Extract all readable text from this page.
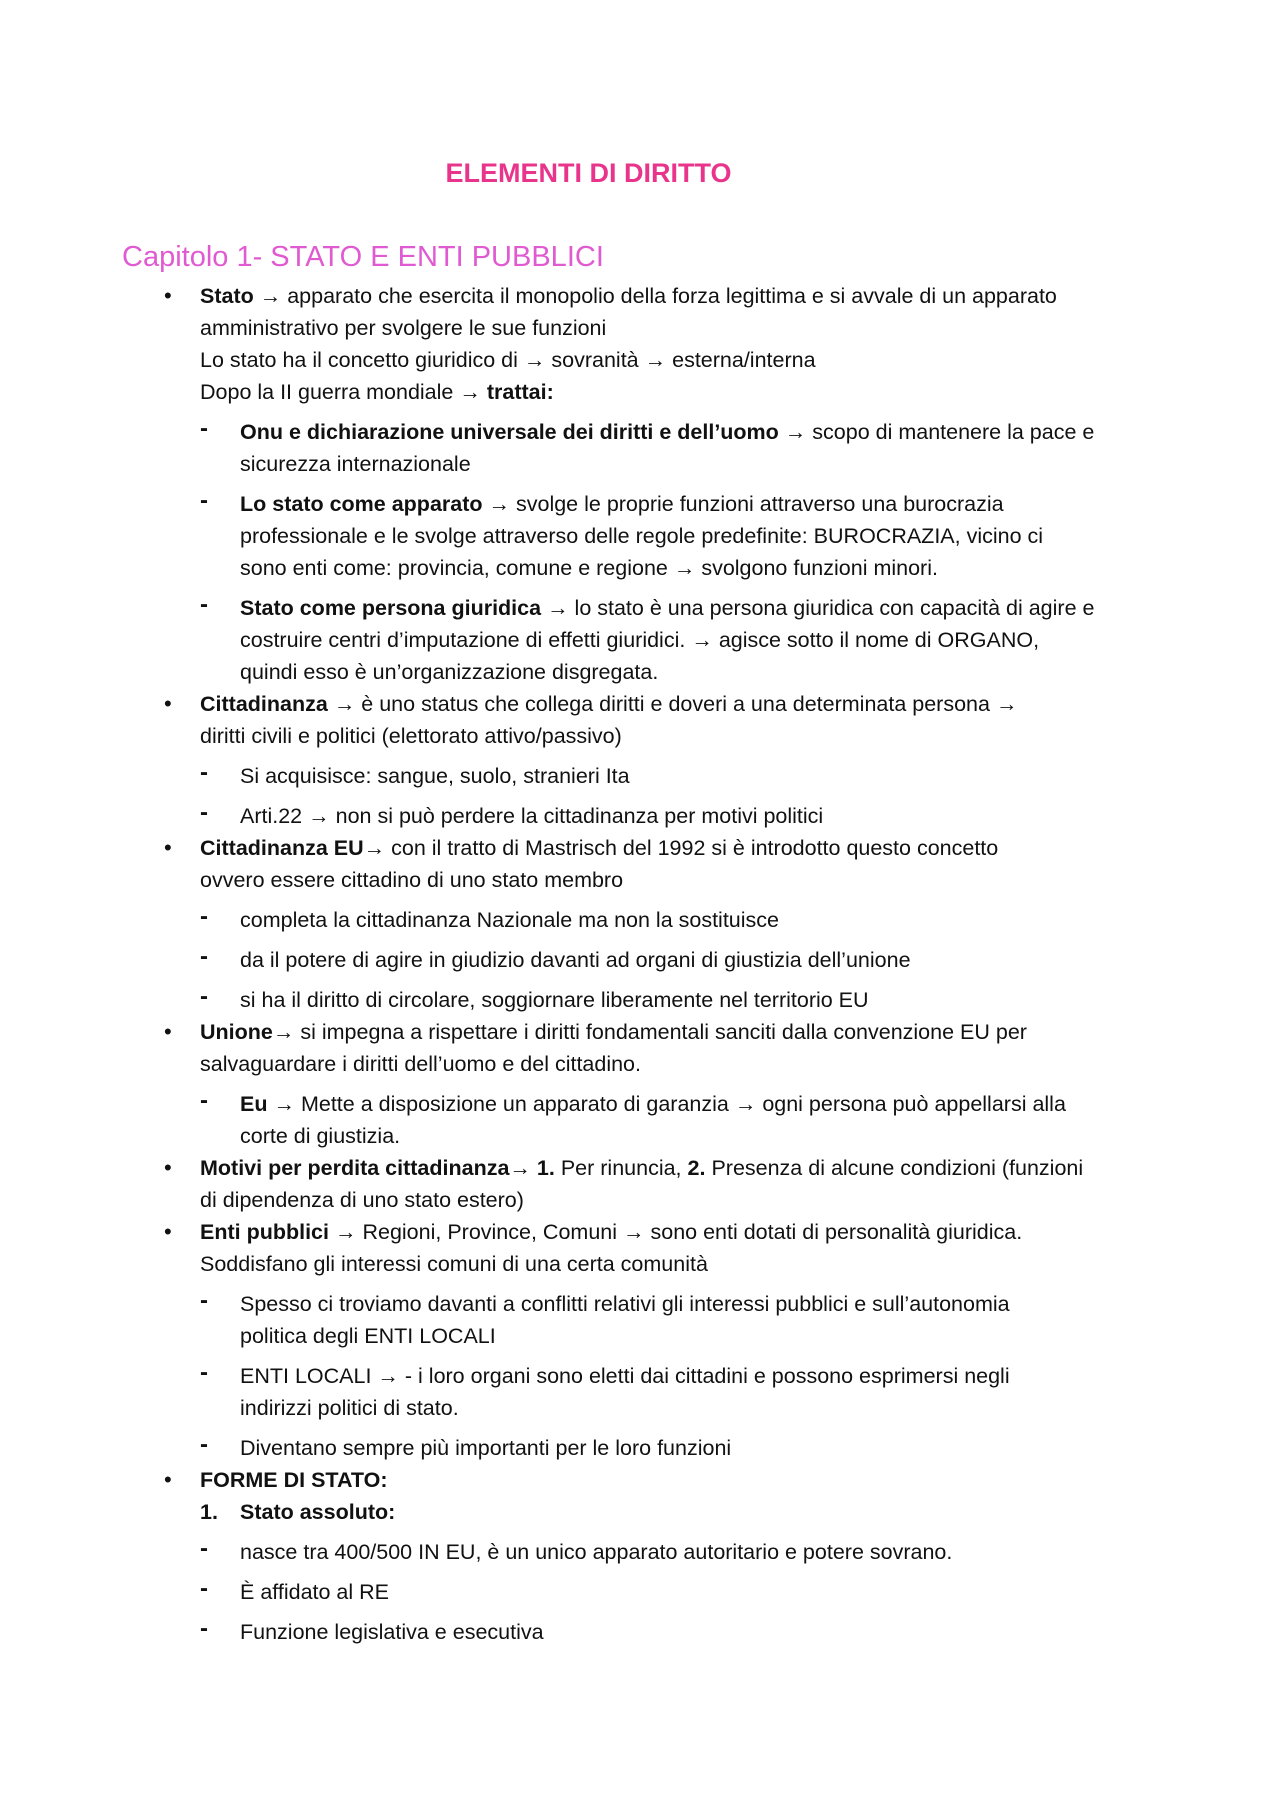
ELEMENTI DI DIRITTO
Capitolo 1- STATO E ENTI PUBBLICI
• Stato → apparato che esercita il monopolio della forza legittima e si avvale di un apparato
amministrativo per svolgere le sue funzioni
Lo stato ha il concetto giuridico di → sovranità → esterna/interna
Dopo la II guerra mondiale → trattai:
- Onu e dichiarazione universale dei diritti e dell’uomo → scopo di mantenere la pace e
sicurezza internazionale
- Lo stato come apparato → svolge le proprie funzioni attraverso una burocrazia
professionale e le svolge attraverso delle regole predefinite: BUROCRAZIA, vicino ci
sono enti come: provincia, comune e regione → svolgono funzioni minori.
- Stato come persona giuridica → lo stato è una persona giuridica con capacità di agire e
costruire centri d’imputazione di effetti giuridici. → agisce sotto il nome di ORGANO,
quindi esso è un’organizzazione disgregata.
• Cittadinanza → è uno status che collega diritti e doveri a una determinata persona →
diritti civili e politici (elettorato attivo/passivo)
- Si acquisisce: sangue, suolo, stranieri Ita
- Arti.22 → non si può perdere la cittadinanza per motivi politici
• Cittadinanza EU→ con il tratto di Mastrisch del 1992 si è introdotto questo concetto
ovvero essere cittadino di uno stato membro
- completa la cittadinanza Nazionale ma non la sostituisce
- da il potere di agire in giudizio davanti ad organi di giustizia dell’unione
- si ha il diritto di circolare, soggiornare liberamente nel territorio EU
• Unione→ si impegna a rispettare i diritti fondamentali sanciti dalla convenzione EU per
salvaguardare i diritti dell’uomo e del cittadino.
- Eu → Mette a disposizione un apparato di garanzia → ogni persona può appellarsi alla
corte di giustizia.
• Motivi per perdita cittadinanza→ 1. Per rinuncia, 2. Presenza di alcune condizioni (funzioni
di dipendenza di uno stato estero)
• Enti pubblici → Regioni, Province, Comuni → sono enti dotati di personalità giuridica.
Soddisfano gli interessi comuni di una certa comunità
- Spesso ci troviamo davanti a conflitti relativi gli interessi pubblici e sull’autonomia
politica degli ENTI LOCALI
- ENTI LOCALI → - i loro organi sono eletti dai cittadini e possono esprimersi negli
indirizzi politici di stato.
- Diventano sempre più importanti per le loro funzioni
• FORME DI STATO:
1. Stato assoluto:
- nasce tra 400/500 IN EU, è un unico apparato autoritario e potere sovrano.
- È affidato al RE
- Funzione legislativa e esecutiva
